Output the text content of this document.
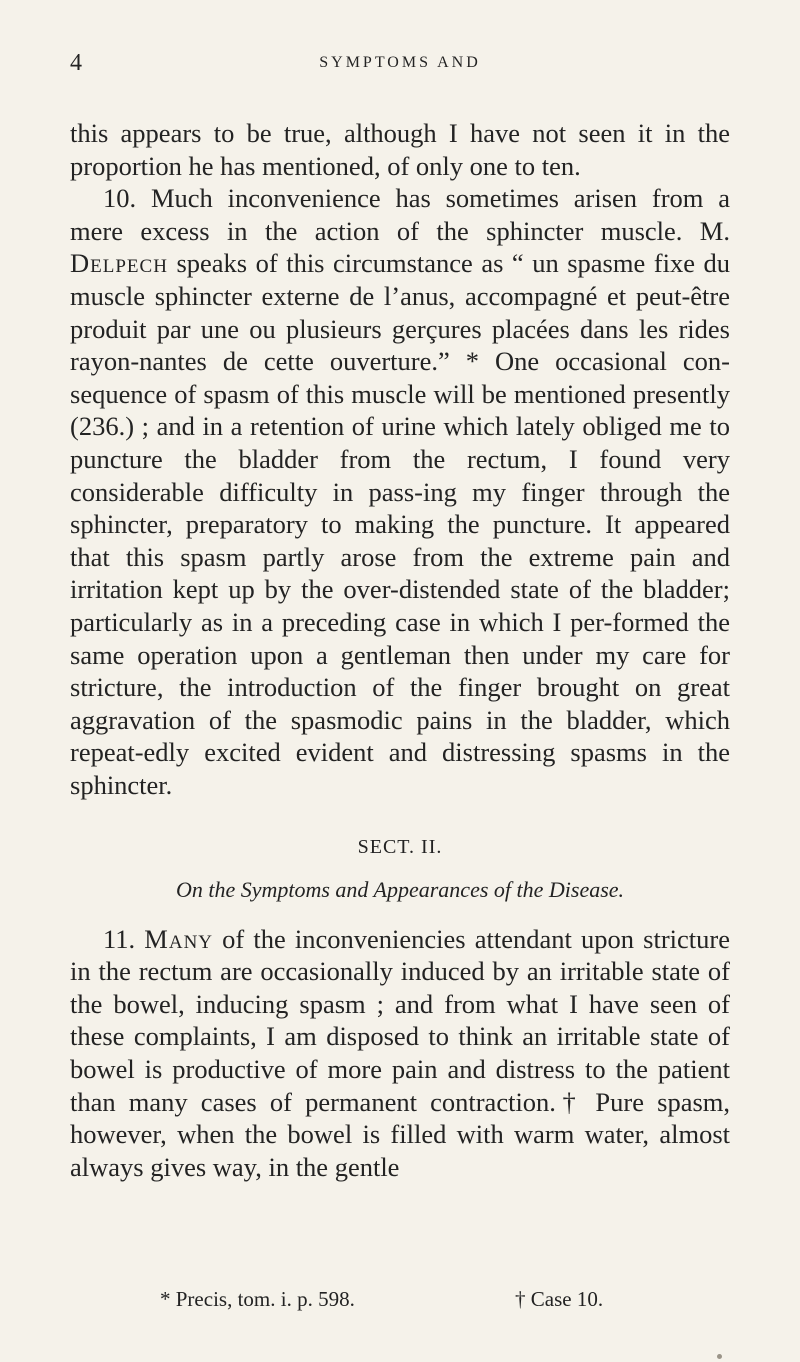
4	SYMPTOMS AND

this appears to be true, although I have not seen it in the proportion he has mentioned, of only one to ten.

10. Much inconvenience has sometimes arisen from a mere excess in the action of the sphincter muscle. M. Delpech speaks of this circumstance as “ un spasme fixe du muscle sphincter externe de l’anus, accompagné et peut-être produit par une ou plusieurs gerçures placées dans les rides rayon-nantes de cette ouverture.” * One occasional con-sequence of spasm of this muscle will be mentioned presently (236.) ; and in a retention of urine which lately obliged me to puncture the bladder from the rectum, I found very considerable difficulty in pass-ing my finger through the sphincter, preparatory to making the puncture. It appeared that this spasm partly arose from the extreme pain and irritation kept up by the over-distended state of the bladder; particularly as in a preceding case in which I per-formed the same operation upon a gentleman then under my care for stricture, the introduction of the finger brought on great aggravation of the spasmodic pains in the bladder, which repeat-edly excited evident and distressing spasms in the sphincter.

SECT. II.
On the Symptoms and Appearances of the Disease.

11. Many of the inconveniencies attendant upon stricture in the rectum are occasionally induced by an irritable state of the bowel, inducing spasm ; and from what I have seen of these complaints, I am disposed to think an irritable state of bowel is productive of more pain and distress to the patient than many cases of permanent contraction.† Pure spasm, however, when the bowel is filled with warm water, almost always gives way, in the gentle

* Precis, tom. i. p. 598.	† Case 10.
